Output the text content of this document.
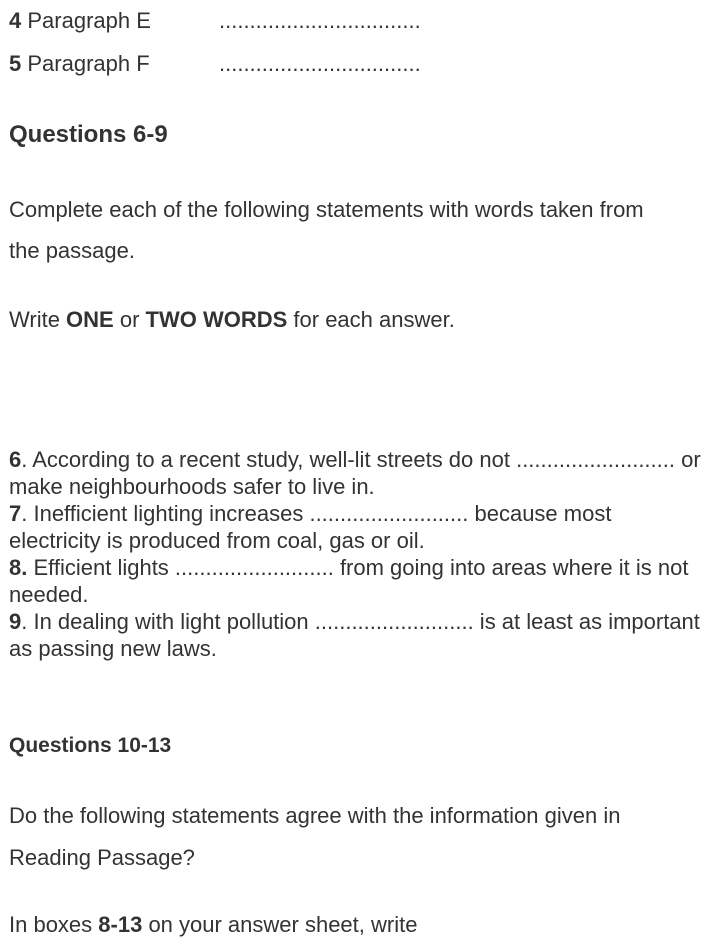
4 Paragraph E	.................................
5 Paragraph F	.................................
Questions 6-9
Complete each of the following statements with words taken from
the passage.
Write ONE or TWO WORDS for each answer.
6. According to a recent study, well-lit streets do not .......................... or make neighbourhoods safer to live in.
7. Inefficient lighting increases .......................... because most electricity is produced from coal, gas or oil.
8. Efficient lights .......................... from going into areas where it is not needed.
9. In dealing with light pollution .......................... is at least as important as passing new laws.
Questions 10-13
Do the following statements agree with the information given in
Reading Passage?
In boxes 8-13 on your answer sheet, write
